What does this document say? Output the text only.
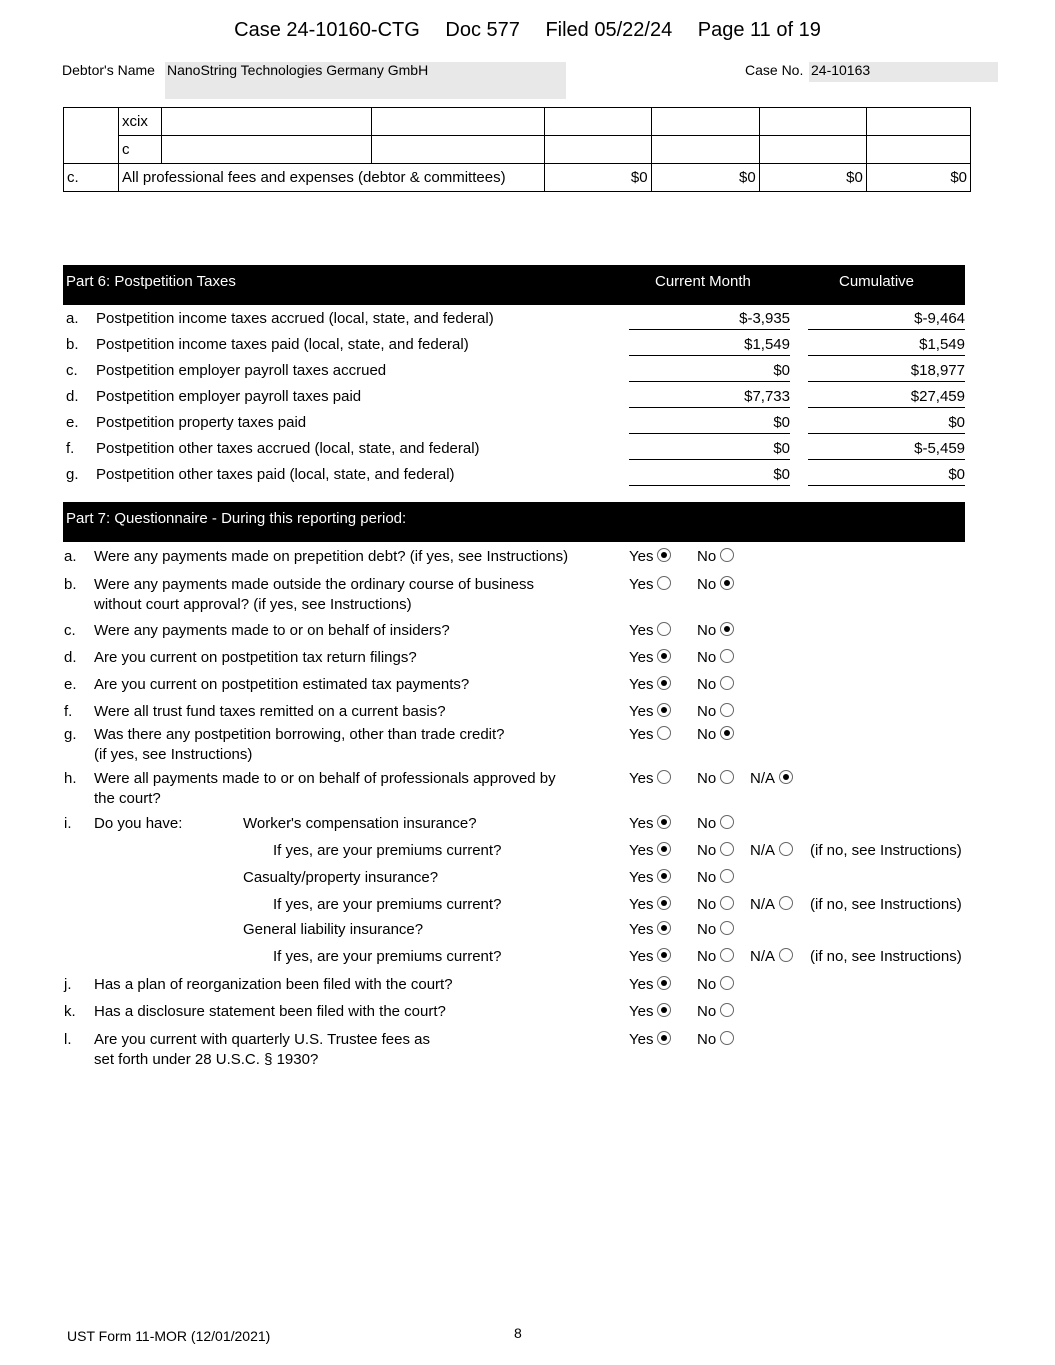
Case 24-10160-CTG Doc 577 Filed 05/22/24 Page 11 of 19
Debtor's Name NanoString Technologies Germany GmbH	Case No. 24-10163
	xcix						
	c						
c.	All professional fees and expenses (debtor & committees)			$0	$0	$0	$0
Part 6: Postpetition Taxes	Current Month	Cumulative
a. Postpetition income taxes accrued (local, state, and federal)	$-3,935	$-9,464
b. Postpetition income taxes paid (local, state, and federal)	$1,549	$1,549
c. Postpetition employer payroll taxes accrued	$0	$18,977
d. Postpetition employer payroll taxes paid	$7,733	$27,459
e. Postpetition property taxes paid	$0	$0
f. Postpetition other taxes accrued (local, state, and federal)	$0	$-5,459
g. Postpetition other taxes paid (local, state, and federal)	$0	$0
Part 7: Questionnaire - During this reporting period:
a. Were any payments made on prepetition debt? (if yes, see Instructions)	Yes	No
b. Were any payments made outside the ordinary course of business
without court approval? (if yes, see Instructions)
Yes	No
c. Were any payments made to or on behalf of insiders?	Yes	No
d. Are you current on postpetition tax return filings?	Yes	No
e. Are you current on postpetition estimated tax payments?	Yes	No
f. Were all trust fund taxes remitted on a current basis?	Yes	No
g. Was there any postpetition borrowing, other than trade credit?
(if yes, see Instructions)
Yes	No
h. Were all payments made to or on behalf of professionals approved by
the court?
Yes	No	N/A
i. Do you have:	Worker's compensation insurance?	Yes	No
If yes, are your premiums current?	Yes	No	N/A	(if no, see Instructions)
Casualty/property insurance?	Yes	No
If yes, are your premiums current?	Yes	No	N/A	(if no, see Instructions)
General liability insurance?	Yes	No
If yes, are your premiums current?	Yes	No	N/A	(if no, see Instructions)
j. Has a plan of reorganization been filed with the court?	Yes	No
k. Has a disclosure statement been filed with the court?	Yes	No
l. Are you current with quarterly U.S. Trustee fees as
set forth under 28 U.S.C. § 1930?
Yes	No
UST Form 11-MOR (12/01/2021)	8
